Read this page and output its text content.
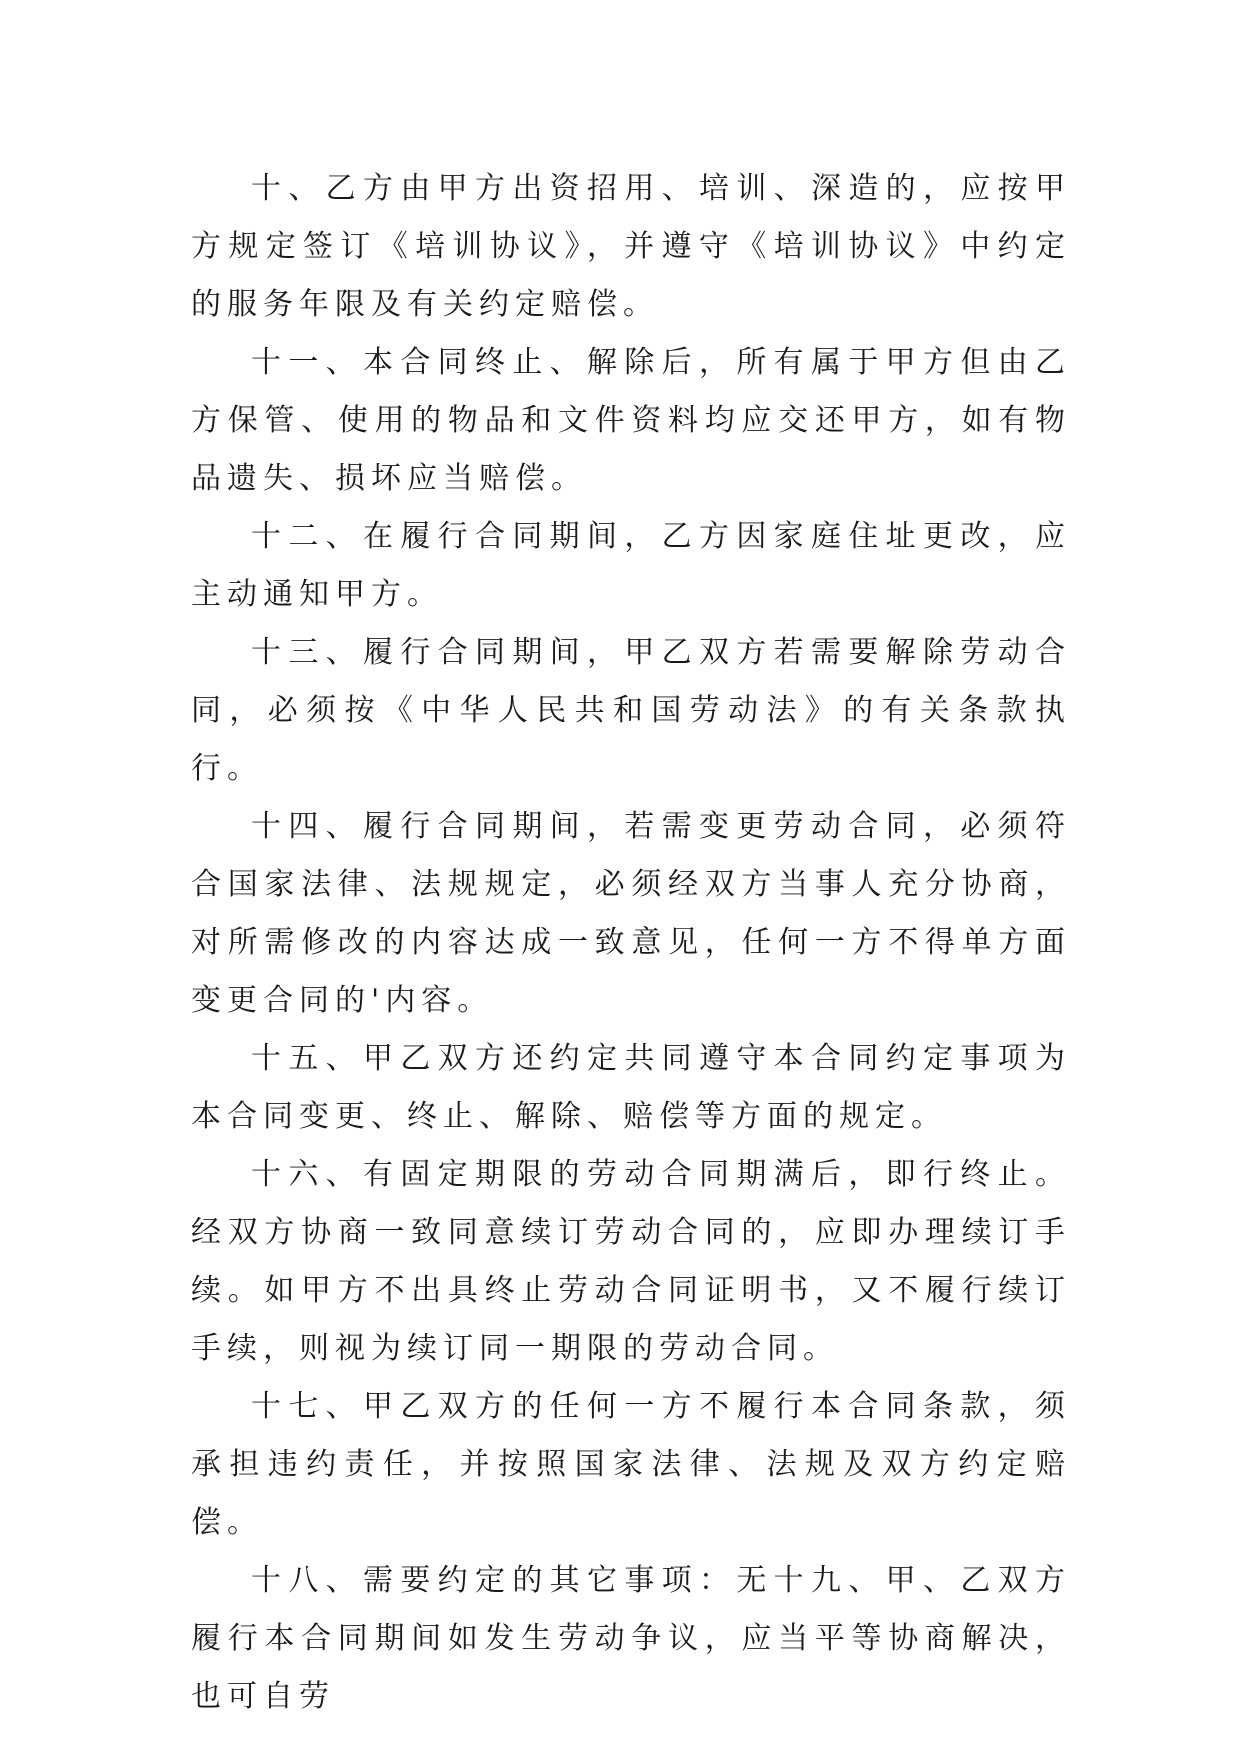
十、乙方由甲方出资招用、培训、深造的，应按甲方规定签订《培训协议》，并遵守《培训协议》中约定的服务年限及有关约定赔偿。

十一、本合同终止、解除后，所有属于甲方但由乙方保管、使用的物品和文件资料均应交还甲方，如有物品遗失、损坏应当赔偿。

十二、在履行合同期间，乙方因家庭住址更改，应主动通知甲方。

十三、履行合同期间，甲乙双方若需要解除劳动合同，必须按《中华人民共和国劳动法》的有关条款执行。

十四、履行合同期间，若需变更劳动合同，必须符合国家法律、法规规定，必须经双方当事人充分协商，对所需修改的内容达成一致意见，任何一方不得单方面变更合同的'内容。

十五、甲乙双方还约定共同遵守本合同约定事项为本合同变更、终止、解除、赔偿等方面的规定。

十六、有固定期限的劳动合同期满后，即行终止。经双方协商一致同意续订劳动合同的，应即办理续订手续。如甲方不出具终止劳动合同证明书，又不履行续订手续，则视为续订同一期限的劳动合同。

十七、甲乙双方的任何一方不履行本合同条款，须承担违约责任，并按照国家法律、法规及双方约定赔偿。

十八、需要约定的其它事项：无十九、甲、乙双方履行本合同期间如发生劳动争议，应当平等协商解决，也可自劳
